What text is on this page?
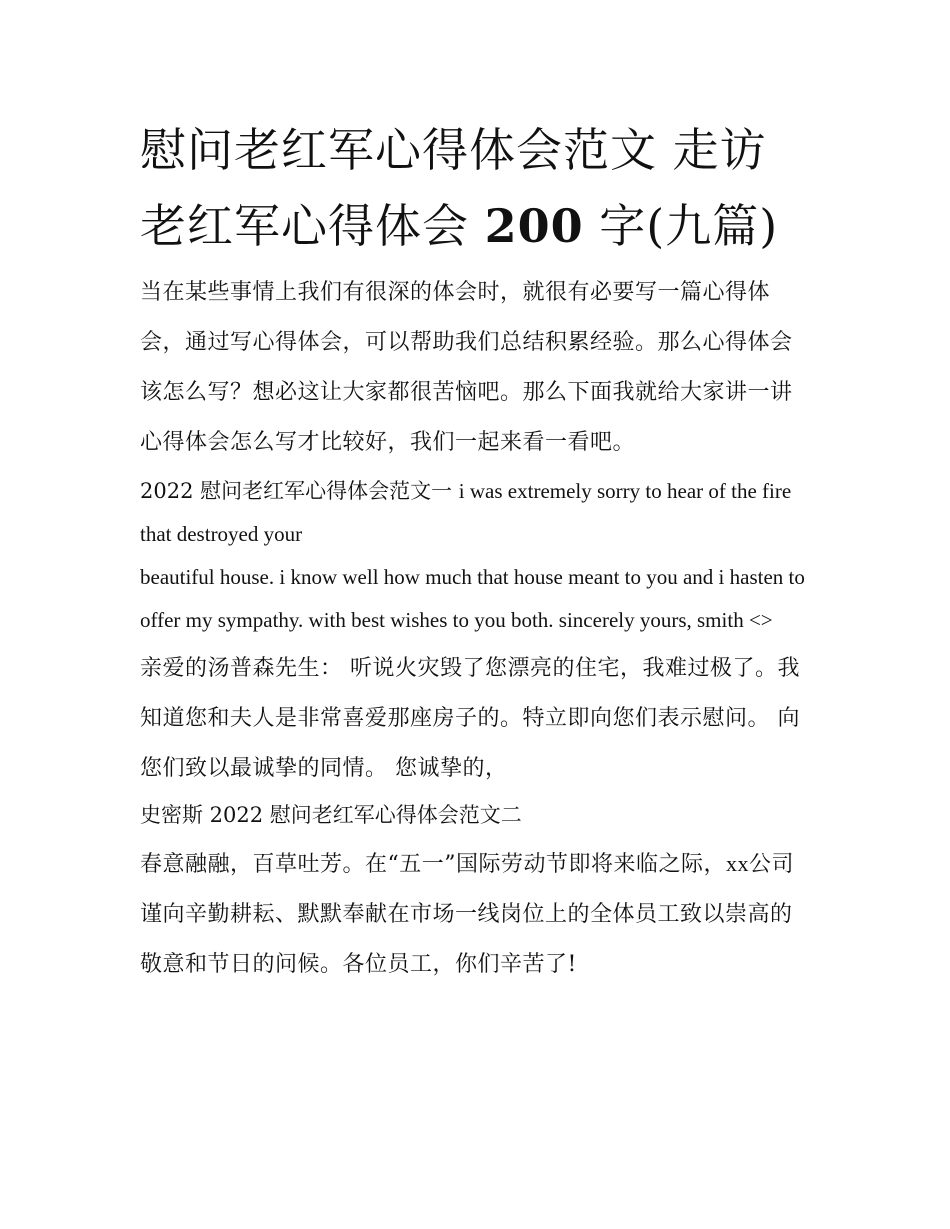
慰问老红军心得体会范文 走访老红军心得体会 200 字(九篇)

当在某些事情上我们有很深的体会时，就很有必要写一篇心得体会，通过写心得体会，可以帮助我们总结积累经验。那么心得体会该怎么写？想必这让大家都很苦恼吧。那么下面我就给大家讲一讲心得体会怎么写才比较好，我们一起来看一看吧。

2022 慰问老红军心得体会范文一 i was extremely sorry to hear of the fire that destroyed your

beautiful house. i know well how much that house meant to you and i hasten to

offer my sympathy. with best wishes to you both. sincerely yours, smith <>

亲爱的汤普森先生： 听说火灾毁了您漂亮的住宅，我难过极了。我知道您和夫人是非常喜爱那座房子的。特立即向您们表示慰问。 向您们致以最诚挚的同情。 您诚挚的，

史密斯 2022 慰问老红军心得体会范文二

春意融融，百草吐芳。在“五一”国际劳动节即将来临之际，xx公司谨向辛勤耕耘、默默奉献在市场一线岗位上的全体员工致以崇高的敬意和节日的问候。各位员工，你们辛苦了!
